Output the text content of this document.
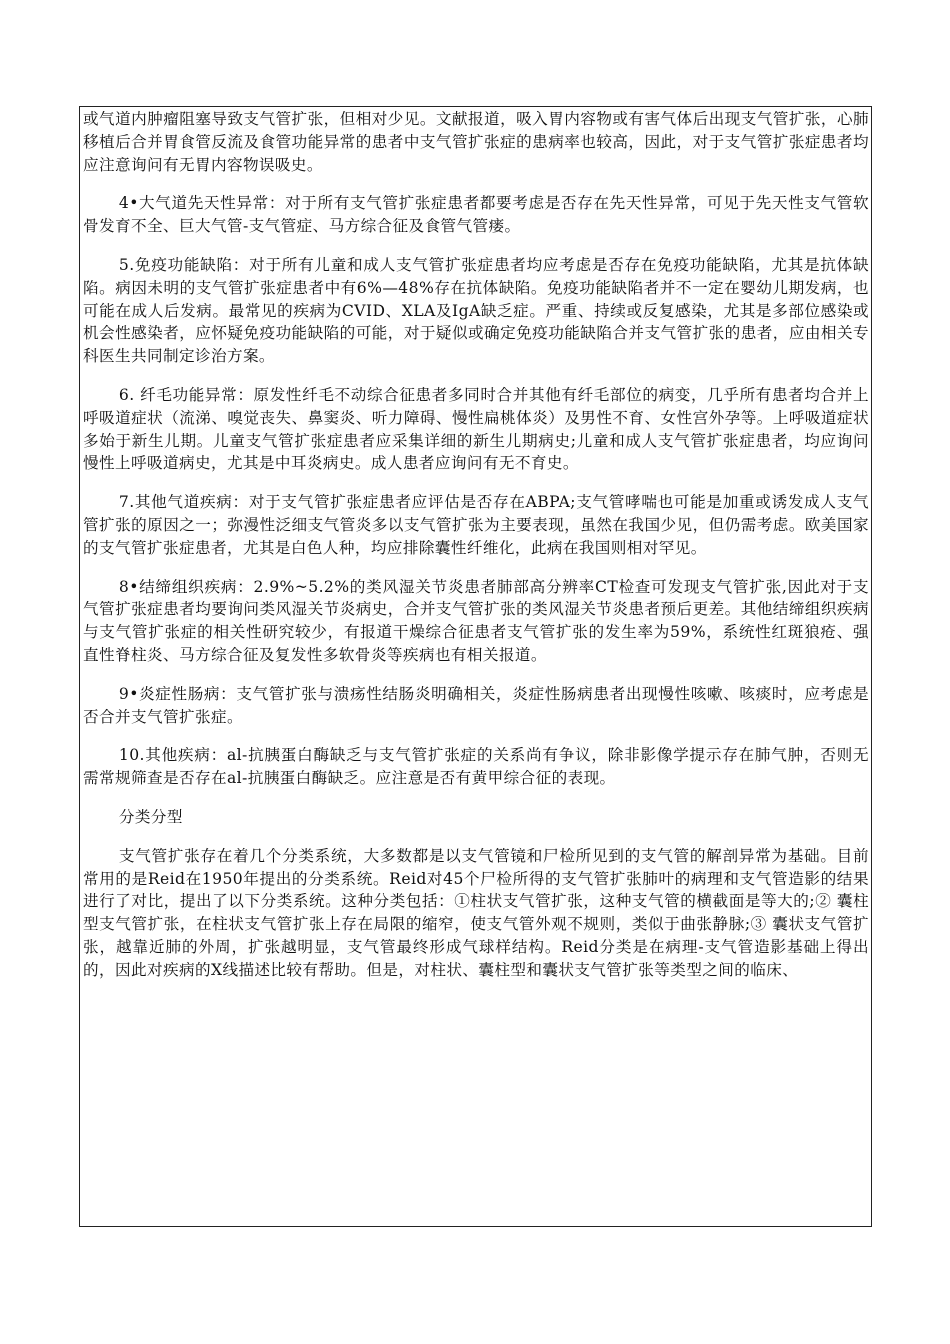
或气道内肿瘤阻塞导致支气管扩张，但相对少见。文献报道，吸入胃内容物或有害气体后出现支气管扩张，心肺移植后合并胃食管反流及食管功能异常的患者中支气管扩张症的患病率也较高，因此，对于支气管扩张症患者均应注意询问有无胃内容物误吸史。

4•大气道先天性异常：对于所有支气管扩张症患者都要考虑是否存在先天性异常，可见于先天性支气管软骨发育不全、巨大气管-支气管症、马方综合征及食管气管瘘。

5.免疫功能缺陷：对于所有儿童和成人支气管扩张症患者均应考虑是否存在免疫功能缺陷，尤其是抗体缺陷。病因未明的支气管扩张症患者中有6%—48%存在抗体缺陷。免疫功能缺陷者并不一定在婴幼儿期发病，也可能在成人后发病。最常见的疾病为CVID、XLA及IgA缺乏症。严重、持续或反复感染，尤其是多部位感染或机会性感染者，应怀疑免疫功能缺陷的可能，对于疑似或确定免疫功能缺陷合并支气管扩张的患者，应由相关专科医生共同制定诊治方案。

6. 纤毛功能异常：原发性纤毛不动综合征患者多同时合并其他有纤毛部位的病变，几乎所有患者均合并上呼吸道症状（流涕、嗅觉丧失、鼻窦炎、听力障碍、慢性扁桃体炎）及男性不育、女性宫外孕等。上呼吸道症状多始于新生儿期。儿童支气管扩张症患者应采集详细的新生儿期病史;儿童和成人支气管扩张症患者，均应询问慢性上呼吸道病史，尤其是中耳炎病史。成人患者应询问有无不育史。

7.其他气道疾病：对于支气管扩张症患者应评估是否存在ABPA;支气管哮喘也可能是加重或诱发成人支气管扩张的原因之一；弥漫性泛细支气管炎多以支气管扩张为主要表现，虽然在我国少见，但仍需考虑。欧美国家的支气管扩张症患者，尤其是白色人种，均应排除囊性纤维化，此病在我国则相对罕见。

8•结缔组织疾病：2.9%~5.2%的类风湿关节炎患者肺部高分辨率CT检查可发现支气管扩张,因此对于支气管扩张症患者均要询问类风湿关节炎病史，合并支气管扩张的类风湿关节炎患者预后更差。其他结缔组织疾病与支气管扩张症的相关性研究较少，有报道干燥综合征患者支气管扩张的发生率为59%，系统性红斑狼疮、强直性脊柱炎、马方综合征及复发性多软骨炎等疾病也有相关报道。

9•炎症性肠病：支气管扩张与溃疡性结肠炎明确相关，炎症性肠病患者出现慢性咳嗽、咳痰时，应考虑是否合并支气管扩张症。

10.其他疾病：al-抗胰蛋白酶缺乏与支气管扩张症的关系尚有争议，除非影像学提示存在肺气肿，否则无需常规筛查是否存在al-抗胰蛋白酶缺乏。应注意是否有黄甲综合征的表现。

分类分型

支气管扩张存在着几个分类系统，大多数都是以支气管镜和尸检所见到的支气管的解剖异常为基础。目前常用的是Reid在1950年提出的分类系统。Reid对45个尸检所得的支气管扩张肺叶的病理和支气管造影的结果进行了对比，提出了以下分类系统。这种分类包括：①柱状支气管扩张，这种支气管的横截面是等大的;② 囊柱型支气管扩张，在柱状支气管扩张上存在局限的缩窄，使支气管外观不规则，类似于曲张静脉;③ 囊状支气管扩张，越靠近肺的外周，扩张越明显，支气管最终形成气球样结构。Reid分类是在病理-支气管造影基础上得出的，因此对疾病的X线描述比较有帮助。但是，对柱状、囊柱型和囊状支气管扩张等类型之间的临床、
